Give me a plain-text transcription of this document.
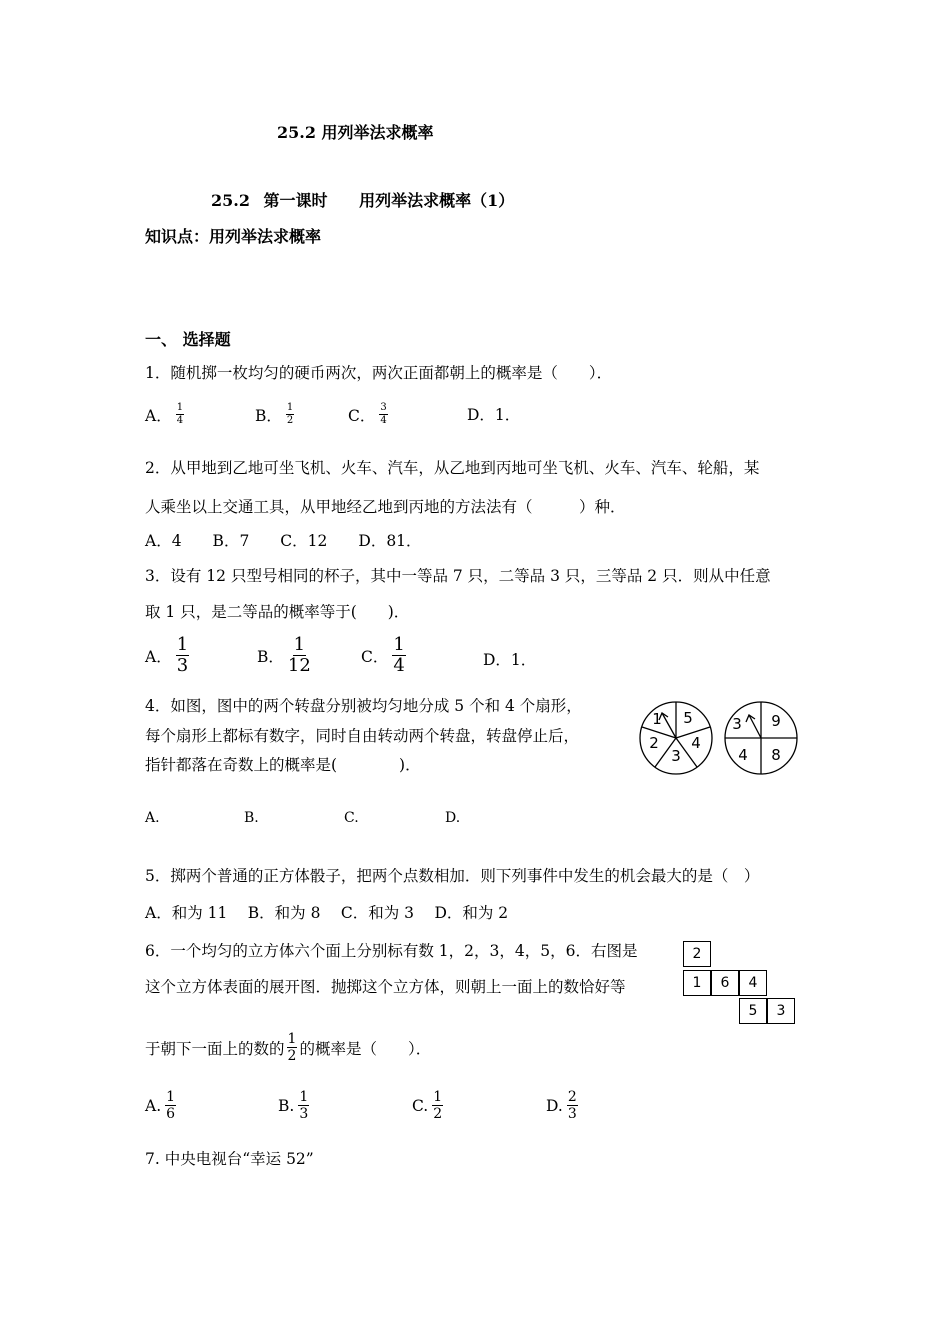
25.2 用列举法求概率
25.2 第一课时 用列举法求概率（1）
知识点：用列举法求概率
一、 选择题
1．随机掷一枚均匀的硬币两次，两次正面都朝上的概率是（　　）．
A． $\frac{1}{4}$	B． $\frac{1}{2}$	C． $\frac{3}{4}$	D．1．
2．从甲地到乙地可坐飞机、火车、汽车，从乙地到丙地可坐飞机、火车、汽车、轮船，某
人乘坐以上交通工具，从甲地经乙地到丙地的方法法有（　　　）种．
A．4　　B．7　　C．12　　D．81．
3．设有 12 只型号相同的杯子，其中一等品 7 只，二等品 3 只，三等品 2 只．则从中任意
取 1 只，是二等品的概率等于(　　)．
A． $\frac{1}{3}$	B． $\frac{1}{12}$	C． $\frac{1}{4}$	D．1．
4．如图，图中的两个转盘分别被均匀地分成 5 个和 4 个扇形，
每个扇形上都标有数字，同时自由转动两个转盘，转盘停止后，
指针都落在奇数上的概率是(　　　　)．
1 5
4
3
2
3 9
8
4
A.	B.	C.	D.
5．掷两个普通的正方体骰子，把两个点数相加．则下列事件中发生的机会最大的是（　）
A．和为 11　 B．和为 8　 C．和为 3　 D．和为 2
6．一个均匀的立方体六个面上分别标有数 1，2，3，4，5，6．右图是
这个立方体表面的展开图．抛掷这个立方体，则朝上一面上的数恰好等
于朝下一面上的数的 $\frac{1}{2}$ 的概率是（　　）．
2
1	6	4
5	3
A. $\frac{1}{6}$	B. $\frac{1}{3}$	C. $\frac{1}{2}$	D. $\frac{2}{3}$
7. 中央电视台“幸运 52”
